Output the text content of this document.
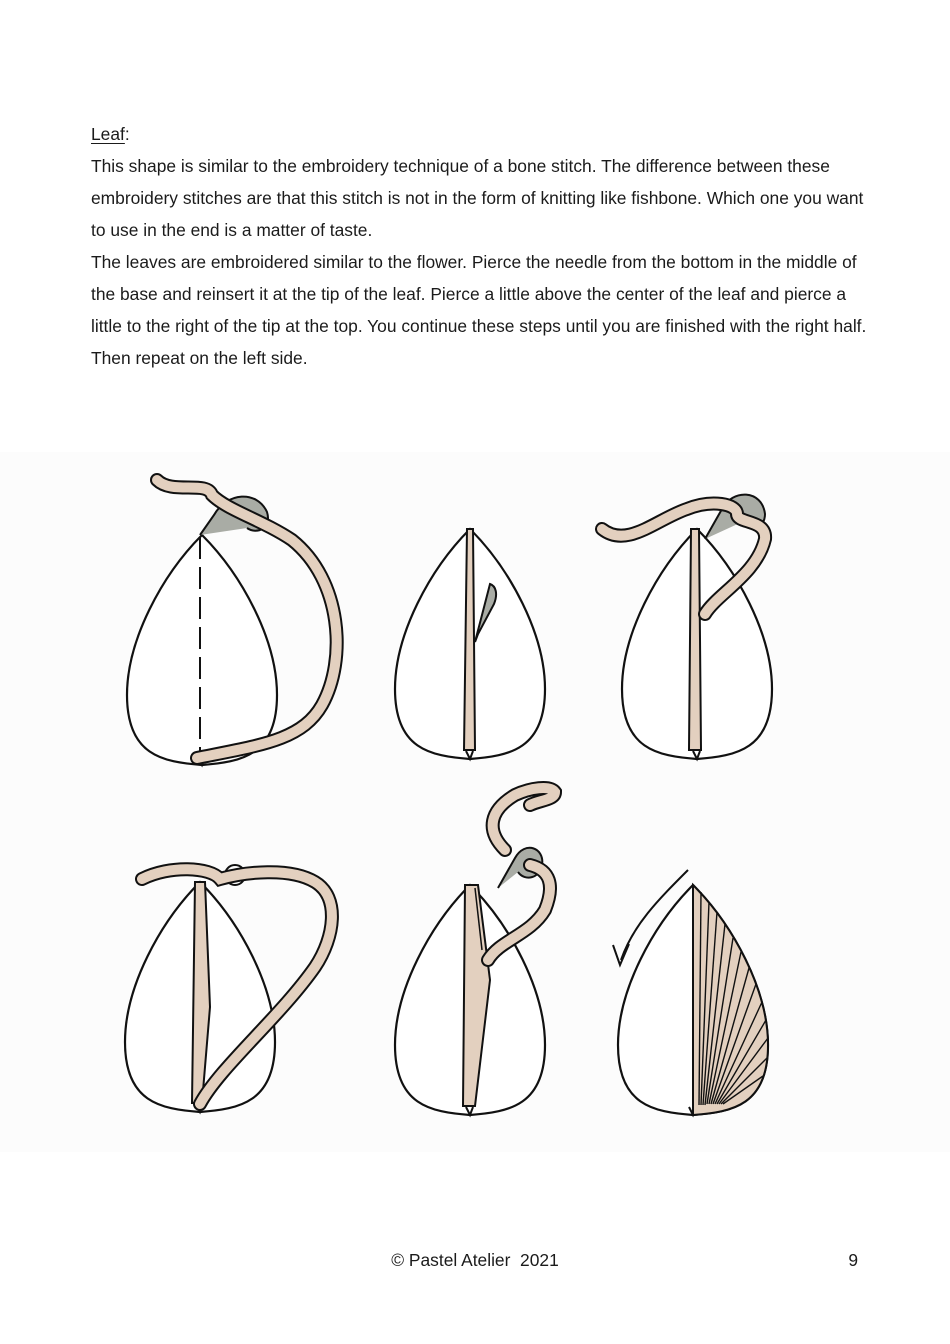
Leaf:

This shape is similar to the embroidery technique of a bone stitch. The difference between these embroidery stitches are that this stitch is not in the form of knitting like fishbone. Which one you want to use in the end is a matter of taste.

The leaves are embroidered similar to the flower. Pierce the needle from the bottom in the middle of the base and reinsert it at the tip of the leaf. Pierce a little above the center of the leaf and pierce a little to the right of the tip at the top. You continue these steps until you are finished with the right half. Then repeat on the left side.

© Pastel Atelier  2021	9
